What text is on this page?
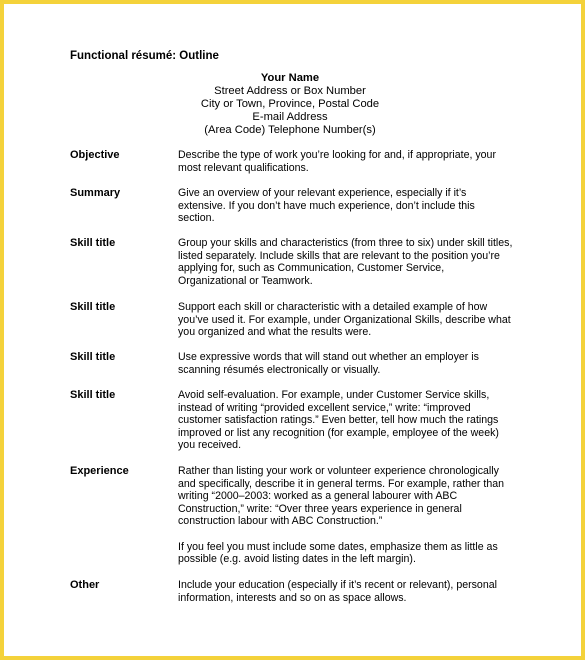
Functional résumé: Outline
Your Name
Street Address or Box Number
City or Town, Province, Postal Code
E-mail Address
(Area Code) Telephone Number(s)
Objective	Describe the type of work you’re looking for and, if appropriate, your most relevant qualifications.

Summary	Give an overview of your relevant experience, especially if it’s extensive. If you don’t have much experience, don’t include this section.

Skill title	Group your skills and characteristics (from three to six) under skill titles, listed separately. Include skills that are relevant to the position you’re applying for, such as Communication, Customer Service, Organizational or Teamwork.

Skill title	Support each skill or characteristic with a detailed example of how you’ve used it. For example, under Organizational Skills, describe what you organized and what the results were.

Skill title	Use expressive words that will stand out whether an employer is scanning résumés electronically or visually.

Skill title	Avoid self-evaluation. For example, under Customer Service skills, instead of writing “provided excellent service,” write: “improved customer satisfaction ratings.” Even better, tell how much the ratings improved or list any recognition (for example, employee of the week) you received.

Experience	Rather than listing your work or volunteer experience chronologically and specifically, describe it in general terms. For example, rather than writing “2000–2003: worked as a general labourer with ABC Construction,” write: “Over three years experience in general construction labour with ABC Construction.”

If you feel you must include some dates, emphasize them as little as possible (e.g. avoid listing dates in the left margin).

Other	Include your education (especially if it’s recent or relevant), personal information, interests and so on as space allows.
